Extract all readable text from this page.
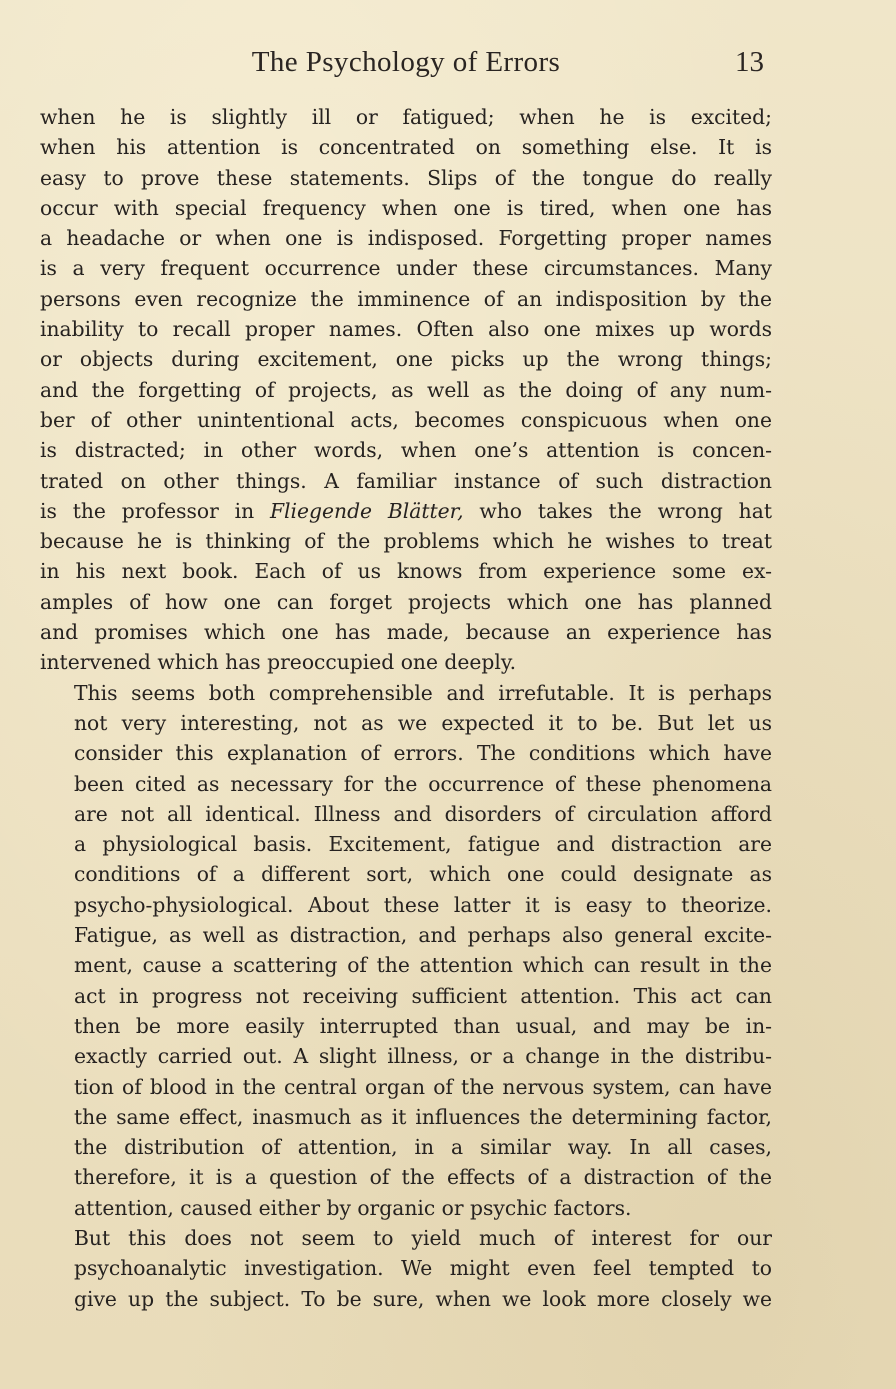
The Psychology of Errors	13

when he is slightly ill or fatigued; when he is excited;
when his attention is concentrated on something else. It is
easy to prove these statements. Slips of the tongue do really
occur with special frequency when one is tired, when one has
a headache or when one is indisposed. Forgetting proper names
is a very frequent occurrence under these circumstances. Many
persons even recognize the imminence of an indisposition by the
inability to recall proper names. Often also one mixes up words
or objects during excitement, one picks up the wrong things;
and the forgetting of projects, as well as the doing of any num-
ber of other unintentional acts, becomes conspicuous when one
is distracted; in other words, when one’s attention is concen-
trated on other things. A familiar instance of such distraction
is the professor in Fliegende Blätter, who takes the wrong hat
because he is thinking of the problems which he wishes to treat
in his next book. Each of us knows from experience some ex-
amples of how one can forget projects which one has planned
and promises which one has made, because an experience has
intervened which has preoccupied one deeply.

This seems both comprehensible and irrefutable. It is perhaps
not very interesting, not as we expected it to be. But let us
consider this explanation of errors. The conditions which have
been cited as necessary for the occurrence of these phenomena
are not all identical. Illness and disorders of circulation afford
a physiological basis. Excitement, fatigue and distraction are
conditions of a different sort, which one could designate as
psycho-physiological. About these latter it is easy to theorize.
Fatigue, as well as distraction, and perhaps also general excite-
ment, cause a scattering of the attention which can result in the
act in progress not receiving sufficient attention. This act can
then be more easily interrupted than usual, and may be in-
exactly carried out. A slight illness, or a change in the distribu-
tion of blood in the central organ of the nervous system, can have
the same effect, inasmuch as it influences the determining factor,
the distribution of attention, in a similar way. In all cases,
therefore, it is a question of the effects of a distraction of the
attention, caused either by organic or psychic factors.

But this does not seem to yield much of interest for our
psychoanalytic investigation. We might even feel tempted to
give up the subject. To be sure, when we look more closely we
